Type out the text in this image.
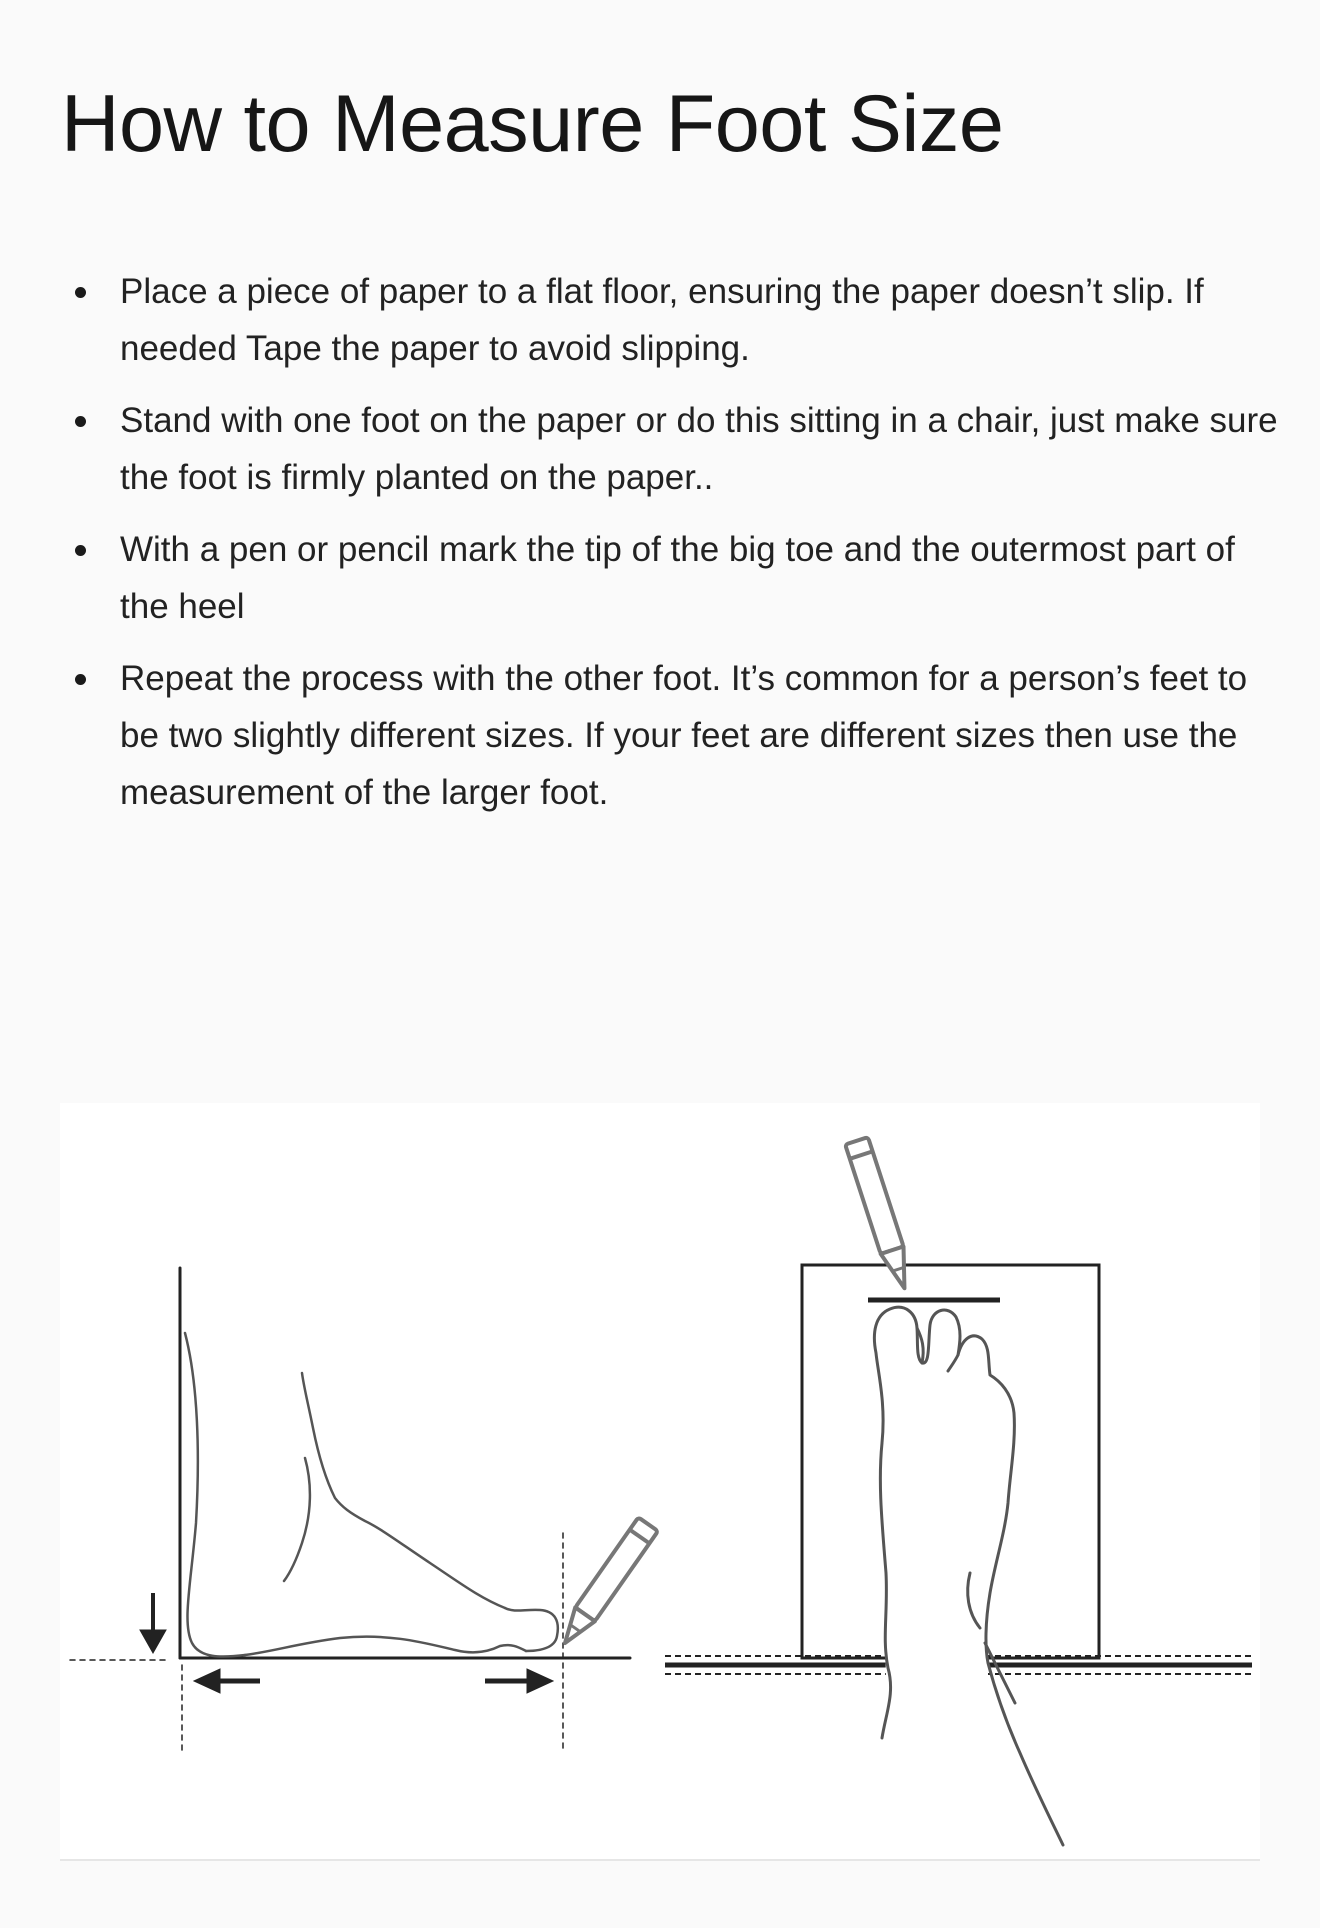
How to Measure Foot Size
Place a piece of paper to a flat floor, ensuring the paper doesn’t slip. If needed Tape the paper to avoid slipping.
Stand with one foot on the paper or do this sitting in a chair, just make sure the foot is firmly planted on the paper..
With a pen or pencil mark the tip of the big toe and the outermost part of the heel
Repeat the process with the other foot. It’s common for a person’s feet to be two slightly different sizes. If your feet are different sizes then use the measurement of the larger foot.
